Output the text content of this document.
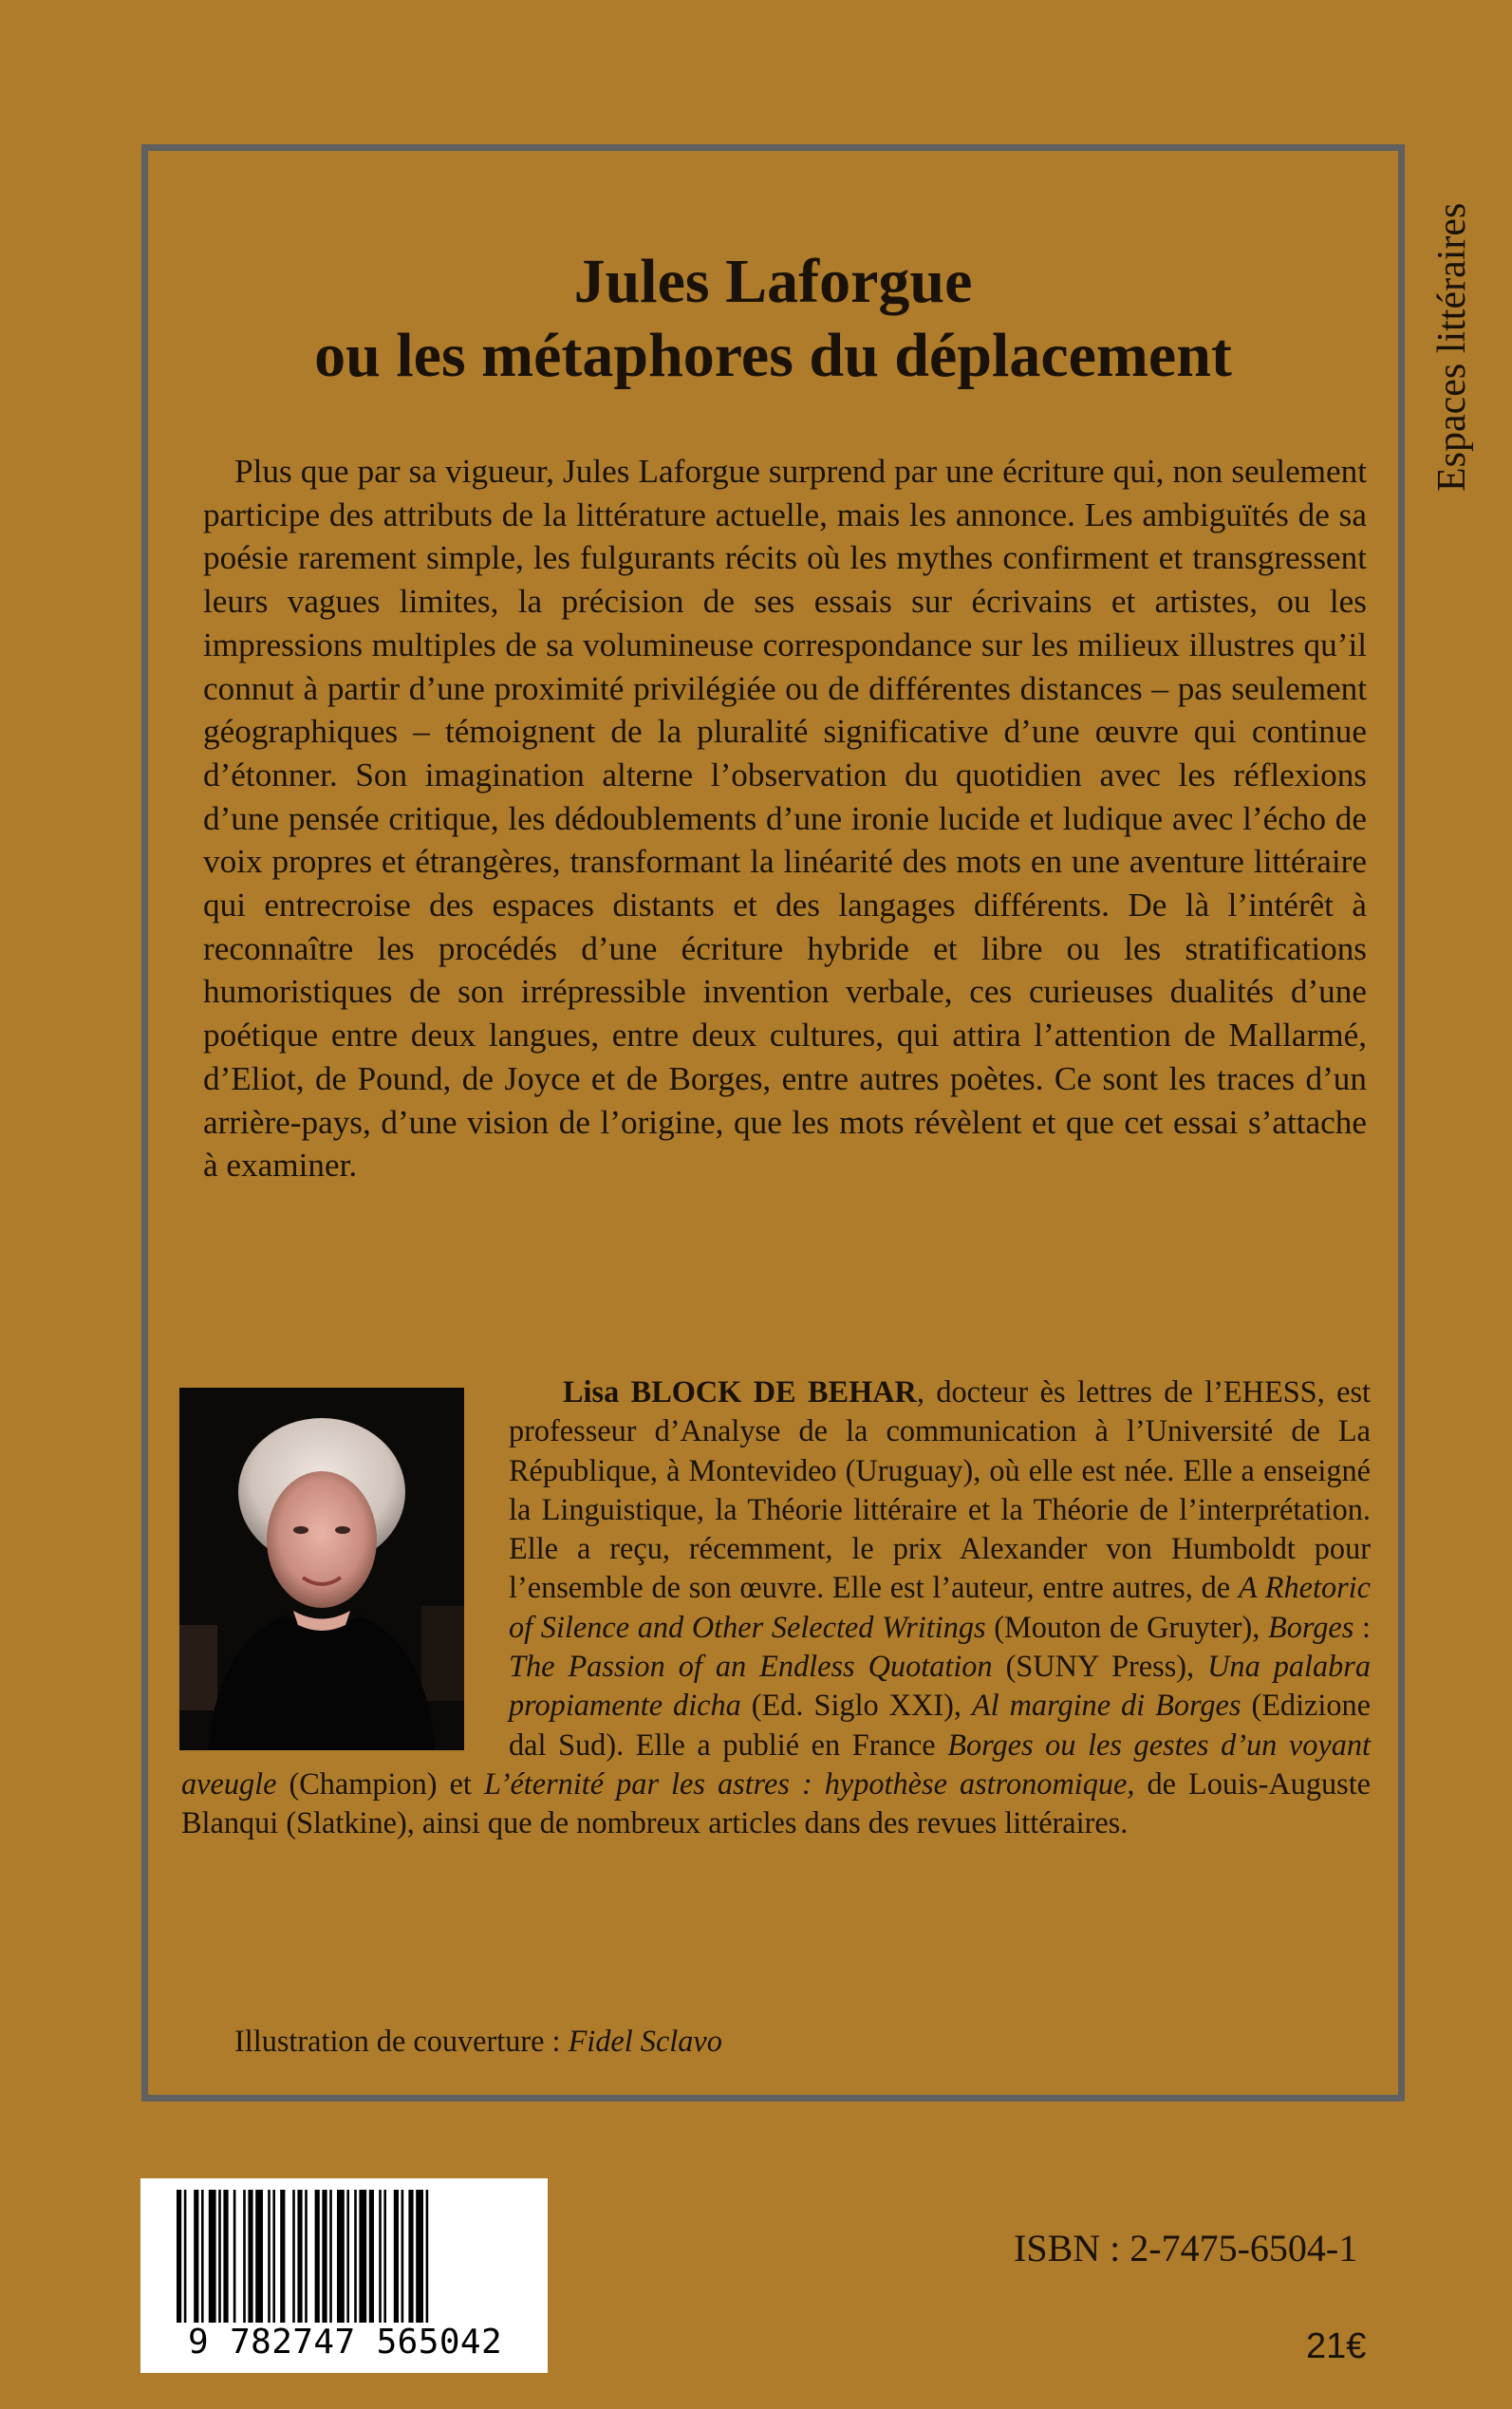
Jules Laforgue
ou les métaphores du déplacement	Espaces littéraires

Plus que par sa vigueur, Jules Laforgue surprend par une écriture qui, non seulement participe des attributs de la littérature actuelle, mais les annonce. Les ambiguïtés de sa poésie rarement simple, les fulgurants récits où les mythes confirment et transgressent leurs vagues limites, la précision de ses essais sur écrivains et artistes, ou les impressions multiples de sa volumineuse correspondance sur les milieux illustres qu’il connut à partir d’une proximité privilégiée ou de différentes distances – pas seulement géographiques – témoignent de la pluralité significative d’une œuvre qui continue d’étonner. Son imagination alterne l’observation du quotidien avec les réflexions d’une pensée critique, les dédoublements d’une ironie lucide et ludique avec l’écho de voix propres et étrangères, transformant la linéarité des mots en une aventure littéraire qui entrecroise des espaces distants et des langages différents. De là l’intérêt à reconnaître les procédés d’une écriture hybride et libre ou les stratifications humoristiques de son irrépressible invention verbale, ces curieuses dualités d’une poétique entre deux langues, entre deux cultures, qui attira l’attention de Mallarmé, d’Eliot, de Pound, de Joyce et de Borges, entre autres poètes. Ce sont les traces d’un arrière-pays, d’une vision de l’origine, que les mots révèlent et que cet essai s’attache à examiner.

Lisa BLOCK DE BEHAR, docteur ès lettres de l’EHESS, est professeur d’Analyse de la communication à l’Université de La République, à Montevideo (Uruguay), où elle est née. Elle a enseigné la Linguistique, la Théorie littéraire et la Théorie de l’interprétation. Elle a reçu, récemment, le prix Alexander von Humboldt pour l’ensemble de son œuvre. Elle est l’auteur, entre autres, de A Rhetoric of Silence and Other Selected Writings (Mouton de Gruyter), Borges : The Passion of an Endless Quotation (SUNY Press), Una palabra propiamente dicha (Ed. Siglo XXI), Al margine di Borges (Edizione dal Sud). Elle a publié en France Borges ou les gestes d’un voyant aveugle (Champion) et L’éternité par les astres : hypothèse astronomique, de Louis-Auguste Blanqui (Slatkine), ainsi que de nombreux articles dans des revues littéraires.

Illustration de couverture : Fidel Sclavo

9 782747 565042
ISBN : 2-7475-6504-1
21€
